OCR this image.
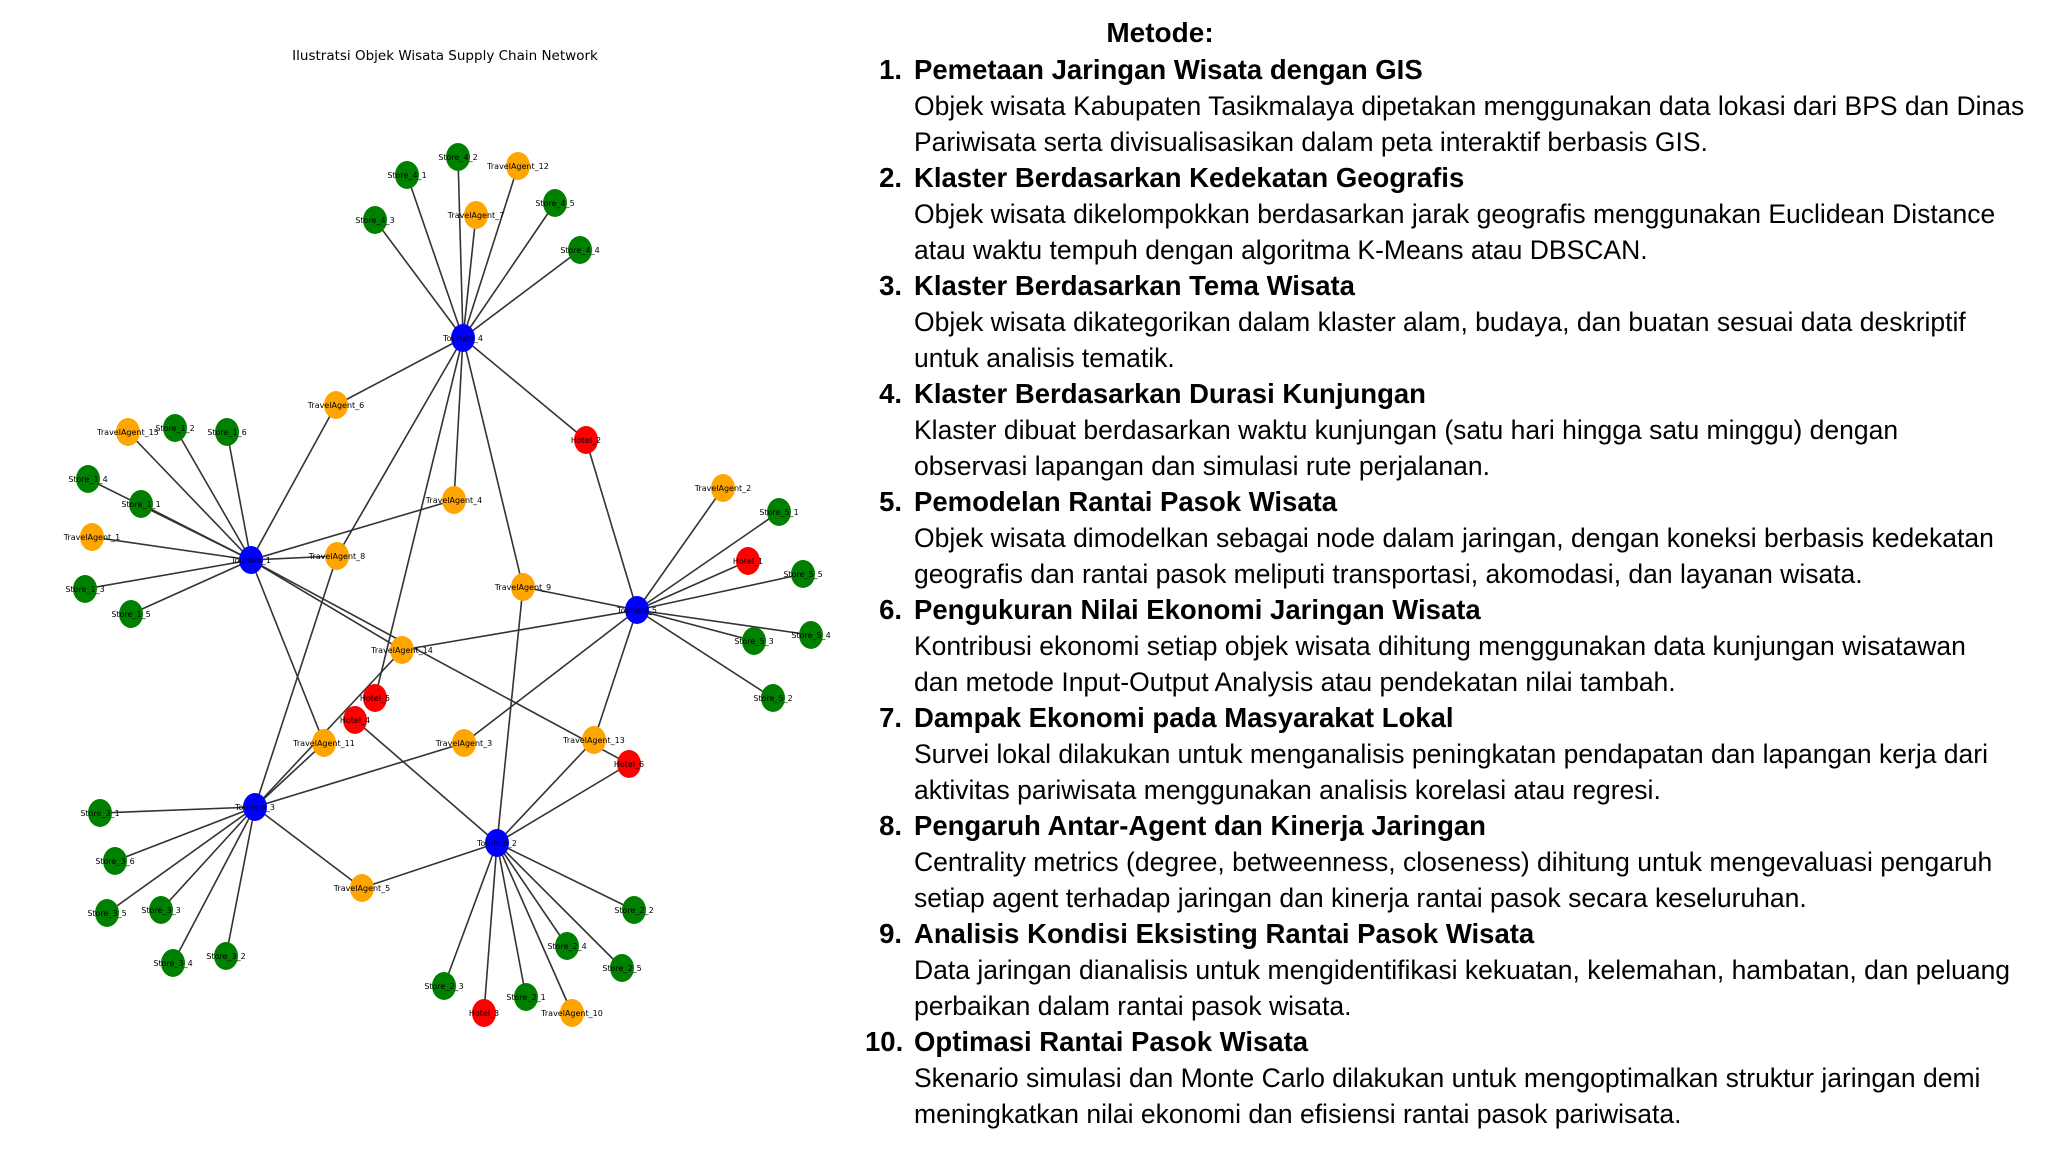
Ilustratsi Objek Wisata Supply Chain Network
Tourism_4
Tourism_1
Tourism_5
Tourism_3
Tourism_2
Store_4_1
Store_4_2
TravelAgent_12
Store_4_3
TravelAgent_7
Store_4_5
Store_4_4
TravelAgent_6
Hotel_2
TravelAgent_15
Store_1_2 Store_1_6
Store_1_4
Store_1_1
TravelAgent_1
Store_1_3
Store_1_5
TravelAgent_4
TravelAgent_8
TravelAgent_9
TravelAgent_2
Store_5_1
Hotel_1
Store_5_5
Store_5_4
Store_5_3
Store_5_2
TravelAgent_14
Hotel_5
Hotel_4
TravelAgent_11	TravelAgent_3	TravelAgent_13
Hotel_6
Store_3_1
Store_3_6
Store_3_5 Store_3_3
Store_3_4
Store_3_2
TravelAgent_5
Store_2_2
Store_2_4
Store_2_5
Store_2_3
Store_2_1
Hotel_3	TravelAgent_10
Metode:
1. Pemetaan Jaringan Wisata dengan GIS
Objek wisata Kabupaten Tasikmalaya dipetakan menggunakan data lokasi dari BPS dan Dinas
Pariwisata serta divisualisasikan dalam peta interaktif berbasis GIS.
2. Klaster Berdasarkan Kedekatan Geografis
Objek wisata dikelompokkan berdasarkan jarak geografis menggunakan Euclidean Distance
atau waktu tempuh dengan algoritma K-Means atau DBSCAN.
3. Klaster Berdasarkan Tema Wisata
Objek wisata dikategorikan dalam klaster alam, budaya, dan buatan sesuai data deskriptif
untuk analisis tematik.
4. Klaster Berdasarkan Durasi Kunjungan
Klaster dibuat berdasarkan waktu kunjungan (satu hari hingga satu minggu) dengan
observasi lapangan dan simulasi rute perjalanan.
5. Pemodelan Rantai Pasok Wisata
Objek wisata dimodelkan sebagai node dalam jaringan, dengan koneksi berbasis kedekatan
geografis dan rantai pasok meliputi transportasi, akomodasi, dan layanan wisata.
6. Pengukuran Nilai Ekonomi Jaringan Wisata
Kontribusi ekonomi setiap objek wisata dihitung menggunakan data kunjungan wisatawan
dan metode Input-Output Analysis atau pendekatan nilai tambah.
7. Dampak Ekonomi pada Masyarakat Lokal
Survei lokal dilakukan untuk menganalisis peningkatan pendapatan dan lapangan kerja dari
aktivitas pariwisata menggunakan analisis korelasi atau regresi.
8. Pengaruh Antar-Agent dan Kinerja Jaringan
Centrality metrics (degree, betweenness, closeness) dihitung untuk mengevaluasi pengaruh
setiap agent terhadap jaringan dan kinerja rantai pasok secara keseluruhan.
9. Analisis Kondisi Eksisting Rantai Pasok Wisata
Data jaringan dianalisis untuk mengidentifikasi kekuatan, kelemahan, hambatan, dan peluang
perbaikan dalam rantai pasok wisata.
10. Optimasi Rantai Pasok Wisata
Skenario simulasi dan Monte Carlo dilakukan untuk mengoptimalkan struktur jaringan demi
meningkatkan nilai ekonomi dan efisiensi rantai pasok pariwisata.
